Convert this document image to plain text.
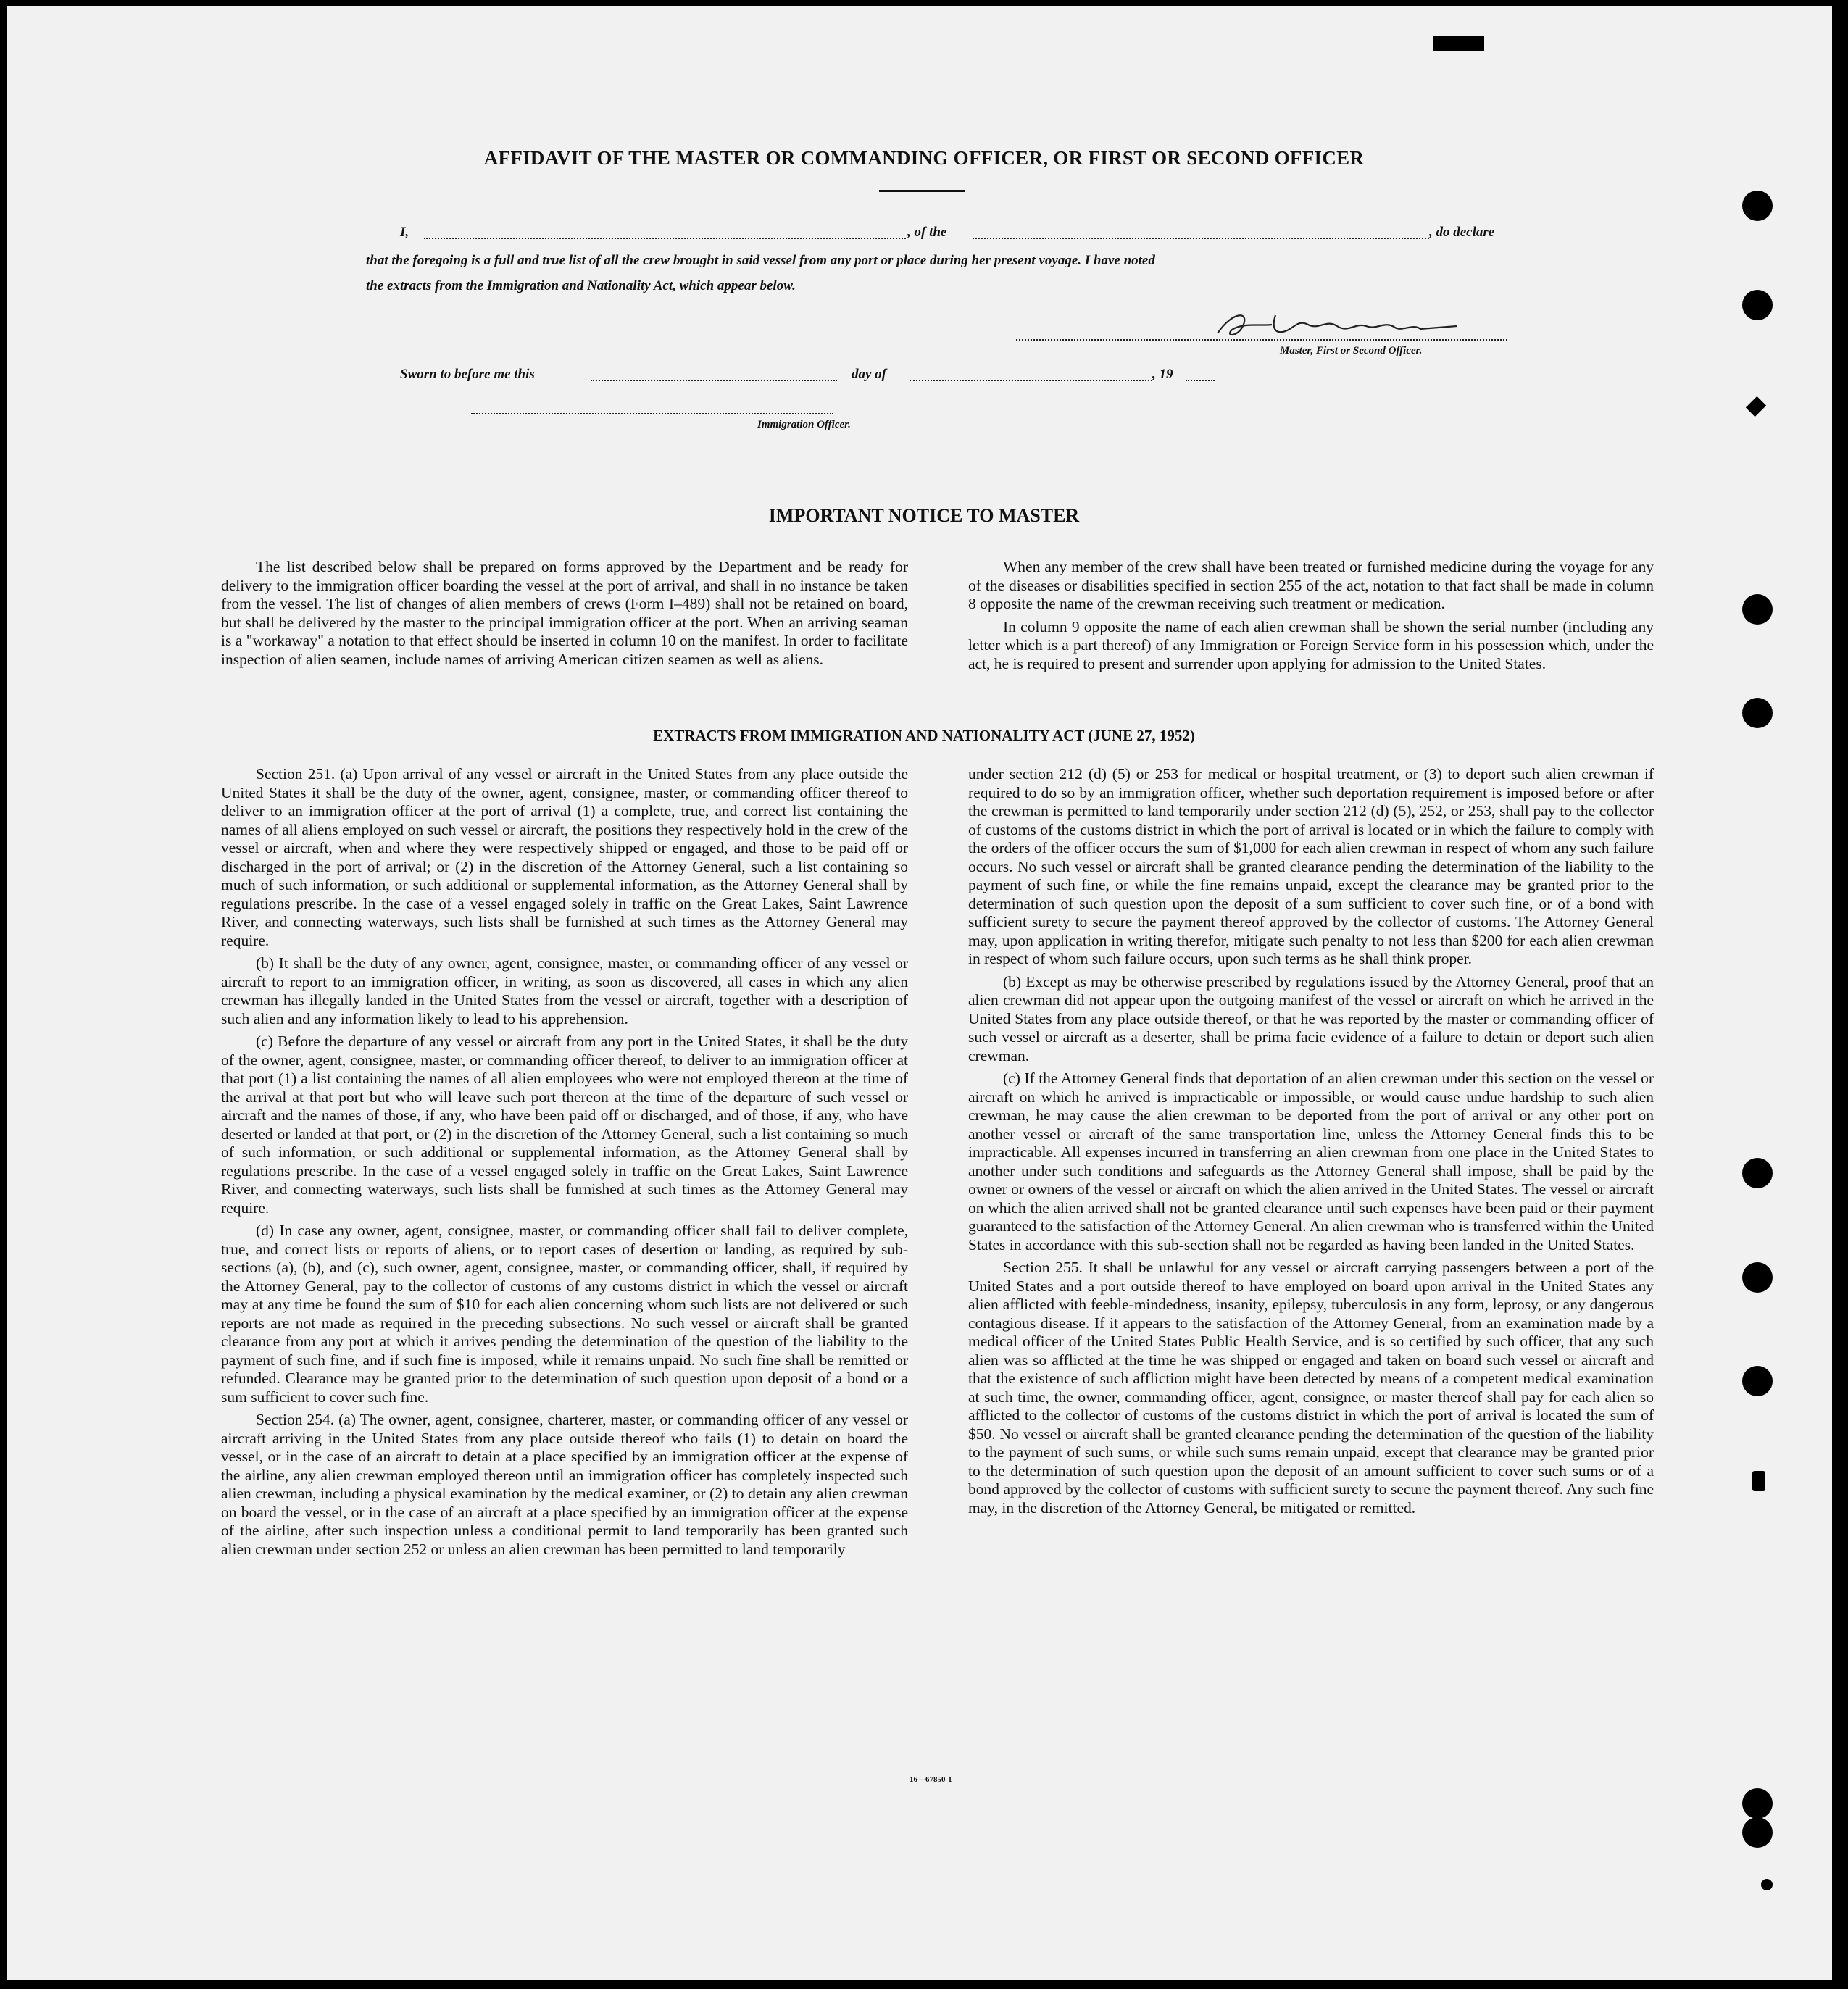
AFFIDAVIT OF THE MASTER OR COMMANDING OFFICER, OR FIRST OR SECOND OFFICER
I,	, of the	, do declare
that the foregoing is a full and true list of all the crew brought in said vessel from any port or place during her present voyage. I have noted
the extracts from the Immigration and Nationality Act, which appear below.
Master, First or Second Officer.
Sworn to before me this	day of	, 19
Immigration Officer.
IMPORTANT NOTICE TO MASTER

The list described below shall be prepared on forms approved by the Department and be ready for delivery to the immigration officer boarding the vessel at the port of arrival, and shall in no instance be taken from the vessel. The list of changes of alien members of crews (Form I–489) shall not be retained on board, but shall be delivered by the master to the principal immigration officer at the port. When an arriving seaman is a "workaway" a notation to that effect should be inserted in column 10 on the manifest. In order to facilitate inspection of alien seamen, include names of arriving American citizen seamen as well as aliens.

When any member of the crew shall have been treated or furnished medicine during the voyage for any of the diseases or disabilities specified in section 255 of the act, notation to that fact shall be made in column 8 opposite the name of the crewman receiving such treatment or medication.

In column 9 opposite the name of each alien crewman shall be shown the serial number (including any letter which is a part thereof) of any Immigration or Foreign Service form in his possession which, under the act, he is required to present and surrender upon applying for admission to the United States.

EXTRACTS FROM IMMIGRATION AND NATIONALITY ACT (JUNE 27, 1952)

Section 251. (a) Upon arrival of any vessel or aircraft in the United States from any place outside the United States it shall be the duty of the owner, agent, consignee, master, or commanding officer thereof to deliver to an immigration officer at the port of arrival (1) a complete, true, and correct list containing the names of all aliens employed on such vessel or aircraft, the positions they respectively hold in the crew of the vessel or aircraft, when and where they were respectively shipped or engaged, and those to be paid off or discharged in the port of arrival; or (2) in the discretion of the Attorney General, such a list containing so much of such information, or such additional or supplemental information, as the Attorney General shall by regulations prescribe. In the case of a vessel engaged solely in traffic on the Great Lakes, Saint Lawrence River, and connecting waterways, such lists shall be furnished at such times as the Attorney General may require.

(b) It shall be the duty of any owner, agent, consignee, master, or commanding officer of any vessel or aircraft to report to an immigration officer, in writing, as soon as discovered, all cases in which any alien crewman has illegally landed in the United States from the vessel or aircraft, together with a description of such alien and any information likely to lead to his apprehension.

(c) Before the departure of any vessel or aircraft from any port in the United States, it shall be the duty of the owner, agent, consignee, master, or commanding officer thereof, to deliver to an immigration officer at that port (1) a list containing the names of all alien employees who were not employed thereon at the time of the arrival at that port but who will leave such port thereon at the time of the departure of such vessel or aircraft and the names of those, if any, who have been paid off or discharged, and of those, if any, who have deserted or landed at that port, or (2) in the discretion of the Attorney General, such a list containing so much of such information, or such additional or supplemental information, as the Attorney General shall by regulations prescribe. In the case of a vessel engaged solely in traffic on the Great Lakes, Saint Lawrence River, and connecting waterways, such lists shall be furnished at such times as the Attorney General may require.

(d) In case any owner, agent, consignee, master, or commanding officer shall fail to deliver complete, true, and correct lists or reports of aliens, or to report cases of desertion or landing, as required by sub-sections (a), (b), and (c), such owner, agent, consignee, master, or commanding officer, shall, if required by the Attorney General, pay to the collector of customs of any customs district in which the vessel or aircraft may at any time be found the sum of $10 for each alien concerning whom such lists are not delivered or such reports are not made as required in the preceding subsections. No such vessel or aircraft shall be granted clearance from any port at which it arrives pending the determination of the question of the liability to the payment of such fine, and if such fine is imposed, while it remains unpaid. No such fine shall be remitted or refunded. Clearance may be granted prior to the determination of such question upon deposit of a bond or a sum sufficient to cover such fine.

Section 254. (a) The owner, agent, consignee, charterer, master, or commanding officer of any vessel or aircraft arriving in the United States from any place outside thereof who fails (1) to detain on board the vessel, or in the case of an aircraft to detain at a place specified by an immigration officer at the expense of the airline, any alien crewman employed thereon until an immigration officer has completely inspected such alien crewman, including a physical examination by the medical examiner, or (2) to detain any alien crewman on board the vessel, or in the case of an aircraft at a place specified by an immigration officer at the expense of the airline, after such inspection unless a conditional permit to land temporarily has been granted such alien crewman under section 252 or unless an alien crewman has been permitted to land temporarily

under section 212 (d) (5) or 253 for medical or hospital treatment, or (3) to deport such alien crewman if required to do so by an immigration officer, whether such deportation requirement is imposed before or after the crewman is permitted to land temporarily under section 212 (d) (5), 252, or 253, shall pay to the collector of customs of the customs district in which the port of arrival is located or in which the failure to comply with the orders of the officer occurs the sum of $1,000 for each alien crewman in respect of whom any such failure occurs. No such vessel or aircraft shall be granted clearance pending the determination of the liability to the payment of such fine, or while the fine remains unpaid, except the clearance may be granted prior to the determination of such question upon the deposit of a sum sufficient to cover such fine, or of a bond with sufficient surety to secure the payment thereof approved by the collector of customs. The Attorney General may, upon application in writing therefor, mitigate such penalty to not less than $200 for each alien crewman in respect of whom such failure occurs, upon such terms as he shall think proper.

(b) Except as may be otherwise prescribed by regulations issued by the Attorney General, proof that an alien crewman did not appear upon the outgoing manifest of the vessel or aircraft on which he arrived in the United States from any place outside thereof, or that he was reported by the master or commanding officer of such vessel or aircraft as a deserter, shall be prima facie evidence of a failure to detain or deport such alien crewman.

(c) If the Attorney General finds that deportation of an alien crewman under this section on the vessel or aircraft on which he arrived is impracticable or impossible, or would cause undue hardship to such alien crewman, he may cause the alien crewman to be deported from the port of arrival or any other port on another vessel or aircraft of the same transportation line, unless the Attorney General finds this to be impracticable. All expenses incurred in transferring an alien crewman from one place in the United States to another under such conditions and safeguards as the Attorney General shall impose, shall be paid by the owner or owners of the vessel or aircraft on which the alien arrived in the United States. The vessel or aircraft on which the alien arrived shall not be granted clearance until such expenses have been paid or their payment guaranteed to the satisfaction of the Attorney General. An alien crewman who is transferred within the United States in accordance with this sub-section shall not be regarded as having been landed in the United States.

Section 255. It shall be unlawful for any vessel or aircraft carrying passengers between a port of the United States and a port outside thereof to have employed on board upon arrival in the United States any alien afflicted with feeble-mindedness, insanity, epilepsy, tuberculosis in any form, leprosy, or any dangerous contagious disease. If it appears to the satisfaction of the Attorney General, from an examination made by a medical officer of the United States Public Health Service, and is so certified by such officer, that any such alien was so afflicted at the time he was shipped or engaged and taken on board such vessel or aircraft and that the existence of such affliction might have been detected by means of a competent medical examination at such time, the owner, commanding officer, agent, consignee, or master thereof shall pay for each alien so afflicted to the collector of customs of the customs district in which the port of arrival is located the sum of $50. No vessel or aircraft shall be granted clearance pending the determination of the question of the liability to the payment of such sums, or while such sums remain unpaid, except that clearance may be granted prior to the determination of such question upon the deposit of an amount sufficient to cover such sums or of a bond approved by the collector of customs with sufficient surety to secure the payment thereof. Any such fine may, in the discretion of the Attorney General, be mitigated or remitted.

16—67850-1
